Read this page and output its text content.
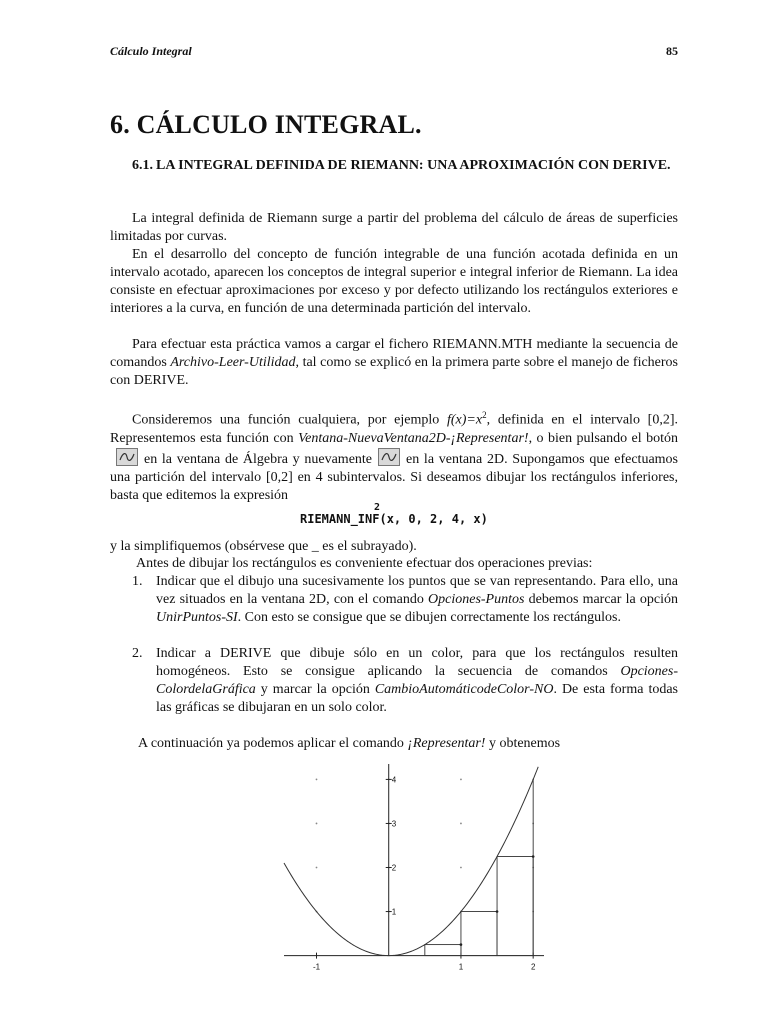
Cálculo Integral	85
6. CÁLCULO INTEGRAL.
6.1. LA INTEGRAL DEFINIDA DE RIEMANN: UNA APROXIMACIÓN CON DERIVE.
La integral definida de Riemann surge a partir del problema del cálculo de áreas de superficies limitadas por curvas.
En el desarrollo del concepto de función integrable de una función acotada definida en un intervalo acotado, aparecen los conceptos de integral superior e integral inferior de Riemann. La idea consiste en efectuar aproximaciones por exceso y por defecto utilizando los rectángulos exteriores e interiores a la curva, en función de una determinada partición del intervalo.
Para efectuar esta práctica vamos a cargar el fichero RIEMANN.MTH mediante la secuencia de comandos Archivo-Leer-Utilidad, tal como se explicó en la primera parte sobre el manejo de ficheros con DERIVE.
Consideremos una función cualquiera, por ejemplo $f(x)=x^2$, definida en el intervalo [0,2]. Representemos esta función con Ventana-NuevaVentana2D-¡Representar!, o bien pulsando el botón
en la ventana de Álgebra y nuevamente en la ventana 2D. Supongamos que efectuamos una partición del intervalo [0,2] en 4 subintervalos. Si deseamos dibujar los rectángulos inferiores, basta que editemos la expresión
2
RIEMANN_INF(x, 0, 2, 4, x)
y la simplifiquemos (obsérvese que _ es el subrayado).
Antes de dibujar los rectángulos es conveniente efectuar dos operaciones previas:
1. Indicar que el dibujo una sucesivamente los puntos que se van representando. Para ello, una vez situados en la ventana 2D, con el comando Opciones-Puntos debemos marcar la opción UnirPuntos-SI. Con esto se consigue que se dibujen correctamente los rectángulos.
2. Indicar a DERIVE que dibuje sólo en un color, para que los rectángulos resulten homogéneos. Esto se consigue aplicando la secuencia de comandos Opciones-ColordelaGráfica y marcar la opción CambioAutomáticodeColor-NO. De esta forma todas las gráficas se dibujaran en un solo color.
A continuación ya podemos aplicar el comando ¡Representar! y obtenemos
-1	1	2
1
2
3
4
